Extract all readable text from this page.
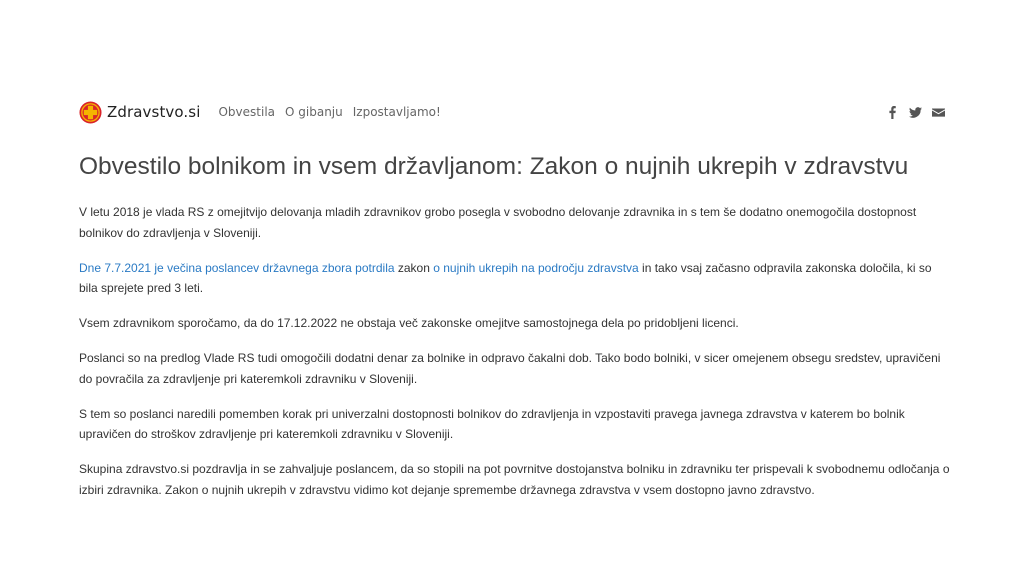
Zdravstvo.si Obvestila O gibanju Izpostavljamo!
Obvestilo bolnikom in vsem državljanom: Zakon o nujnih ukrepih v zdravstvu

V letu 2018 je vlada RS z omejitvijo delovanja mladih zdravnikov grobo posegla v svobodno delovanje zdravnika in s tem še dodatno onemogočila dostopnost bolnikov do zdravljenja v Sloveniji.

Dne 7.7.2021 je večina poslancev državnega zbora potrdila zakon o nujnih ukrepih na področju zdravstva in tako vsaj začasno odpravila zakonska določila, ki so bila sprejete pred 3 leti.

Vsem zdravnikom sporočamo, da do 17.12.2022 ne obstaja več zakonske omejitve samostojnega dela po pridobljeni licenci.

Poslanci so na predlog Vlade RS tudi omogočili dodatni denar za bolnike in odpravo čakalni dob. Tako bodo bolniki, v sicer omejenem obsegu sredstev, upravičeni do povračila za zdravljenje pri kateremkoli zdravniku v Sloveniji.

S tem so poslanci naredili pomemben korak pri univerzalni dostopnosti bolnikov do zdravljenja in vzpostaviti pravega javnega zdravstva v katerem bo bolnik upravičen do stroškov zdravljenje pri kateremkoli zdravniku v Sloveniji.

Skupina zdravstvo.si pozdravlja in se zahvaljuje poslancem, da so stopili na pot povrnitve dostojanstva bolniku in zdravniku ter prispevali k svobodnemu odločanja o izbiri zdravnika. Zakon o nujnih ukrepih v zdravstvu vidimo kot dejanje spremembe državnega zdravstva v vsem dostopno javno zdravstvo.
